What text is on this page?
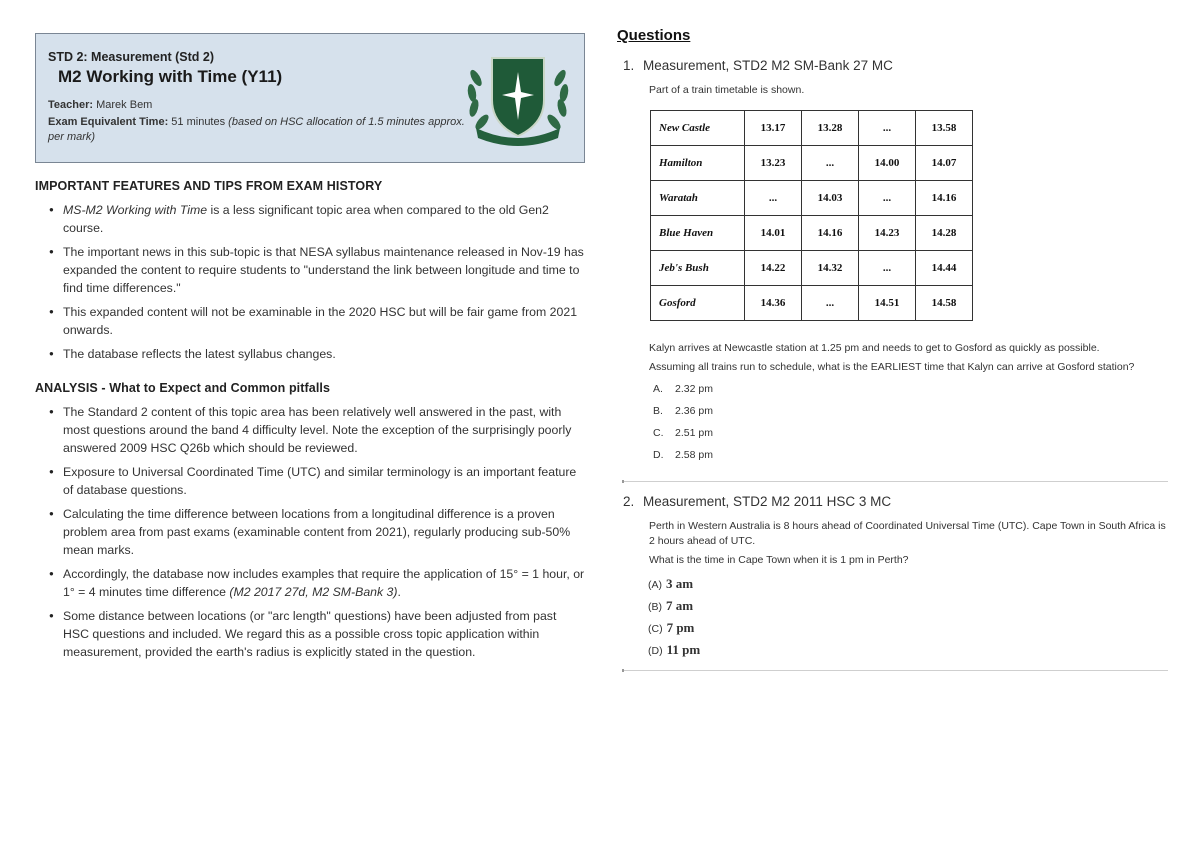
STD 2: Measurement (Std 2)
M2 Working with Time (Y11)
Teacher: Marek Bem
Exam Equivalent Time: 51 minutes (based on HSC allocation of 1.5 minutes approx. per mark)
IMPORTANT FEATURES AND TIPS FROM EXAM HISTORY
● MS-M2 Working with Time is a less significant topic area when compared to the old Gen2 course.
● The important news in this sub-topic is that NESA syllabus maintenance released in Nov-19 has expanded the content to require students to "understand the link between longitude and time to find time differences."
● This expanded content will not be examinable in the 2020 HSC but will be fair game from 2021 onwards.
● The database reflects the latest syllabus changes.
ANALYSIS - What to Expect and Common pitfalls
● The Standard 2 content of this topic area has been relatively well answered in the past, with most questions around the band 4 difficulty level. Note the exception of the surprisingly poorly answered 2009 HSC Q26b which should be reviewed.
● Exposure to Universal Coordinated Time (UTC) and similar terminology is an important feature of database questions.
● Calculating the time difference between locations from a longitudinal difference is a proven problem area from past exams (examinable content from 2021), regularly producing sub-50% mean marks.
● Accordingly, the database now includes examples that require the application of 15° = 1 hour, or 1° = 4 minutes time difference (M2 2017 27d, M2 SM-Bank 3).
● Some distance between locations (or "arc length" questions) have been adjusted from past HSC questions and included. We regard this as a possible cross topic application within measurement, provided the earth's radius is explicitly stated in the question.
Questions
1. Measurement, STD2 M2 SM-Bank 27 MC
Part of a train timetable is shown.
New Castle	13.17	13.28	...	13.58
Hamilton	13.23	...	14.00	14.07
Waratah	...	14.03	...	14.16
Blue Haven	14.01	14.16	14.23	14.28
Jeb's Bush	14.22	14.32	...	14.44
Gosford	14.36	...	14.51	14.58
Kalyn arrives at Newcastle station at 1.25 pm and needs to get to Gosford as quickly as possible.
Assuming all trains run to schedule, what is the EARLIEST time that Kalyn can arrive at Gosford station?
A. 2.32 pm
B. 2.36 pm
C. 2.51 pm
D. 2.58 pm
2. Measurement, STD2 M2 2011 HSC 3 MC
Perth in Western Australia is 8 hours ahead of Coordinated Universal Time (UTC). Cape Town in South Africa is 2 hours ahead of UTC.
What is the time in Cape Town when it is 1 pm in Perth?
(A) 3 am
(B) 7 am
(C) 7 pm
(D) 11 pm
